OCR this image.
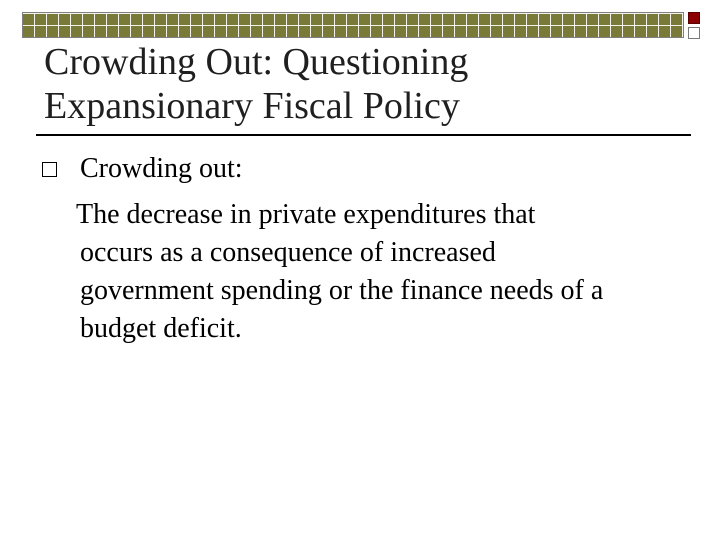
Crowding Out: Questioning
Expansionary Fiscal Policy

Crowding out:

The decrease in private expenditures that
occurs as a consequence of increased
government spending or the finance needs of a
budget deficit.
